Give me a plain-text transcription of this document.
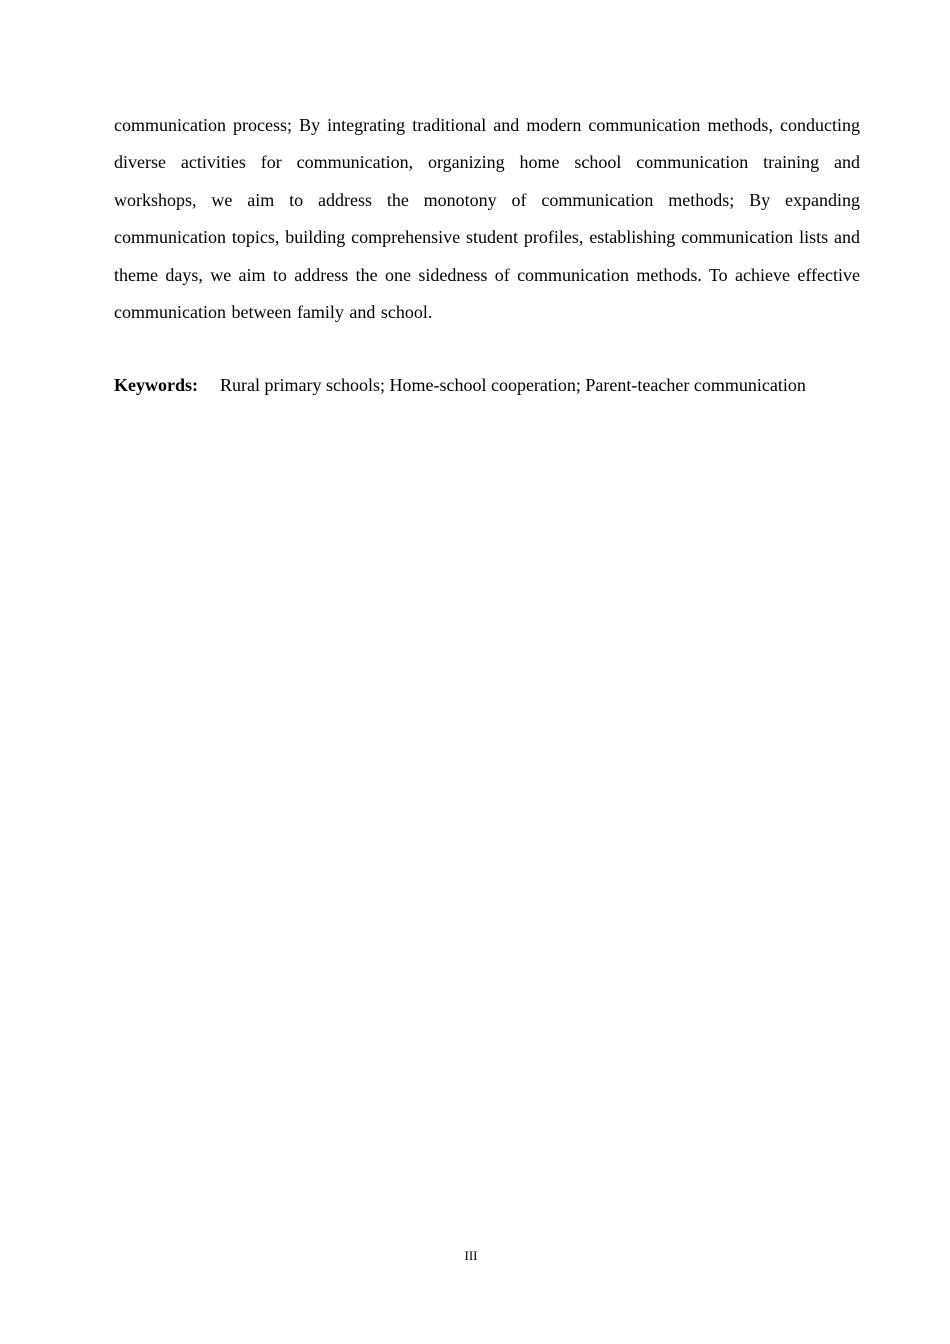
communication process; By integrating traditional and modern communication methods, conducting diverse activities for communication, organizing home school communication training and workshops, we aim to address the monotony of communication methods; By expanding communication topics, building comprehensive student profiles, establishing communication lists and theme days, we aim to address the one sidedness of communication methods. To achieve effective communication between family and school.

Keywords: Rural primary schools; Home-school cooperation; Parent-teacher communication

III
